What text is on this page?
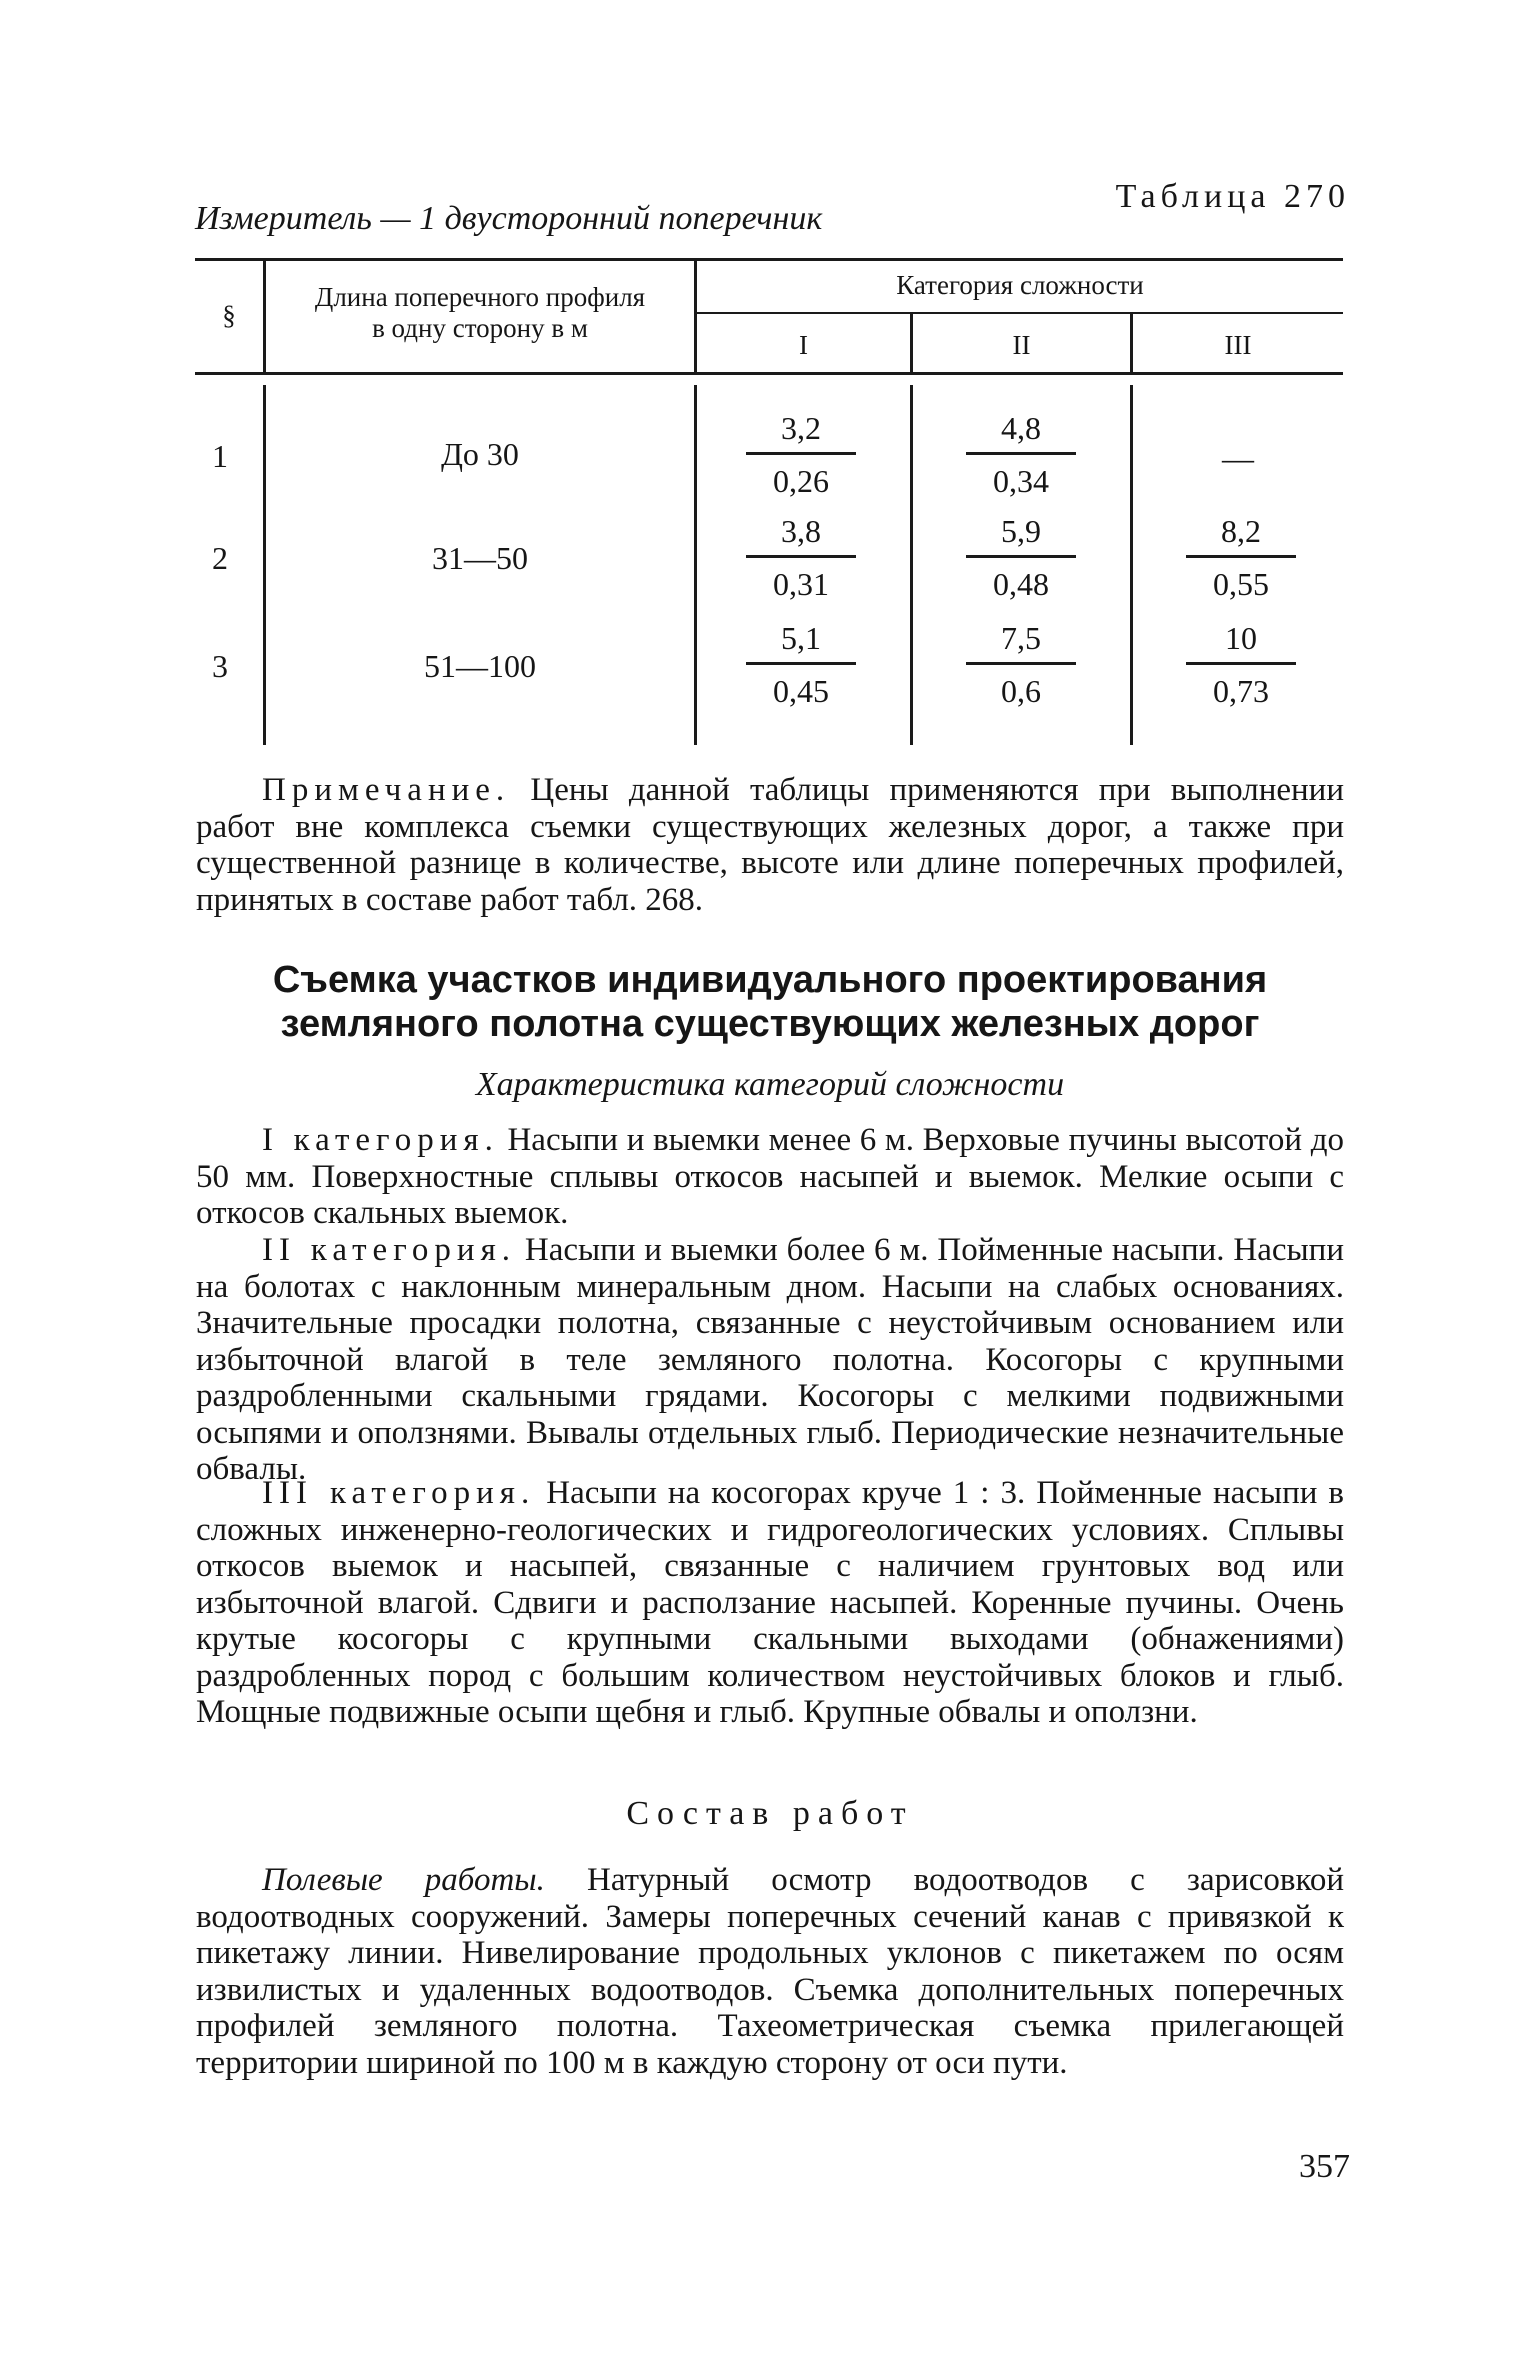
Таблица 270
Измеритель — 1 двусторонний поперечник
§
Длина поперечного профиля
в одну сторону в м
Категория сложности
I	II	III
1	До 30	$\frac{3,2}{0,26}$	$\frac{4,8}{0,34}$	—
2	31—50	$\frac{3,8}{0,31}$	$\frac{5,9}{0,48}$	$\frac{8,2}{0,55}$
3	51—100	$\frac{5,1}{0,45}$	$\frac{7,5}{0,6}$	$\frac{10}{0,73}$

Примечание. Цены данной таблицы применяются при выполнении работ вне комплекса съемки существующих железных дорог, а также при существенной разнице в количестве, высоте или длине поперечных профилей, принятых в составе работ табл. 268.

Съемка участков индивидуального проектирования
земляного полотна существующих железных дорог

Характеристика категорий сложности

I категория. Насыпи и выемки менее 6 м. Верховые пучины высотой до 50 мм. Поверхностные сплывы откосов насыпей и выемок. Мелкие осыпи с откосов скальных выемок.

II категория. Насыпи и выемки более 6 м. Пойменные насыпи. Насыпи на болотах с наклонным минеральным дном. Насыпи на слабых основаниях. Значительные просадки полотна, связанные с неустойчивым основанием или избыточной влагой в теле земляного полотна. Косогоры с крупными раздробленными скальными грядами. Косогоры с мелкими подвижными осыпями и оползнями. Вывалы отдельных глыб. Периодические незначительные обвалы.

III категория. Насыпи на косогорах круче 1 : 3. Пойменные насыпи в сложных инженерно-геологических и гидрогеологических условиях. Сплывы откосов выемок и насыпей, связанные с наличием грунтовых вод или избыточной влагой. Сдвиги и расползание насыпей. Коренные пучины. Очень крутые косогоры с крупными скальными выходами (обнажениями) раздробленных пород с большим количеством неустойчивых блоков и глыб. Мощные подвижные осыпи щебня и глыб. Крупные обвалы и оползни.

Состав работ

Полевые работы. Натурный осмотр водоотводов с зарисовкой водоотводных сооружений. Замеры поперечных сечений канав с привязкой к пикетажу линии. Нивелирование продольных уклонов с пикетажем по осям извилистых и удаленных водоотводов. Съемка дополнительных поперечных профилей земляного полотна. Тахеометрическая съемка прилегающей территории шириной по 100 м в каждую сторону от оси пути.

357
